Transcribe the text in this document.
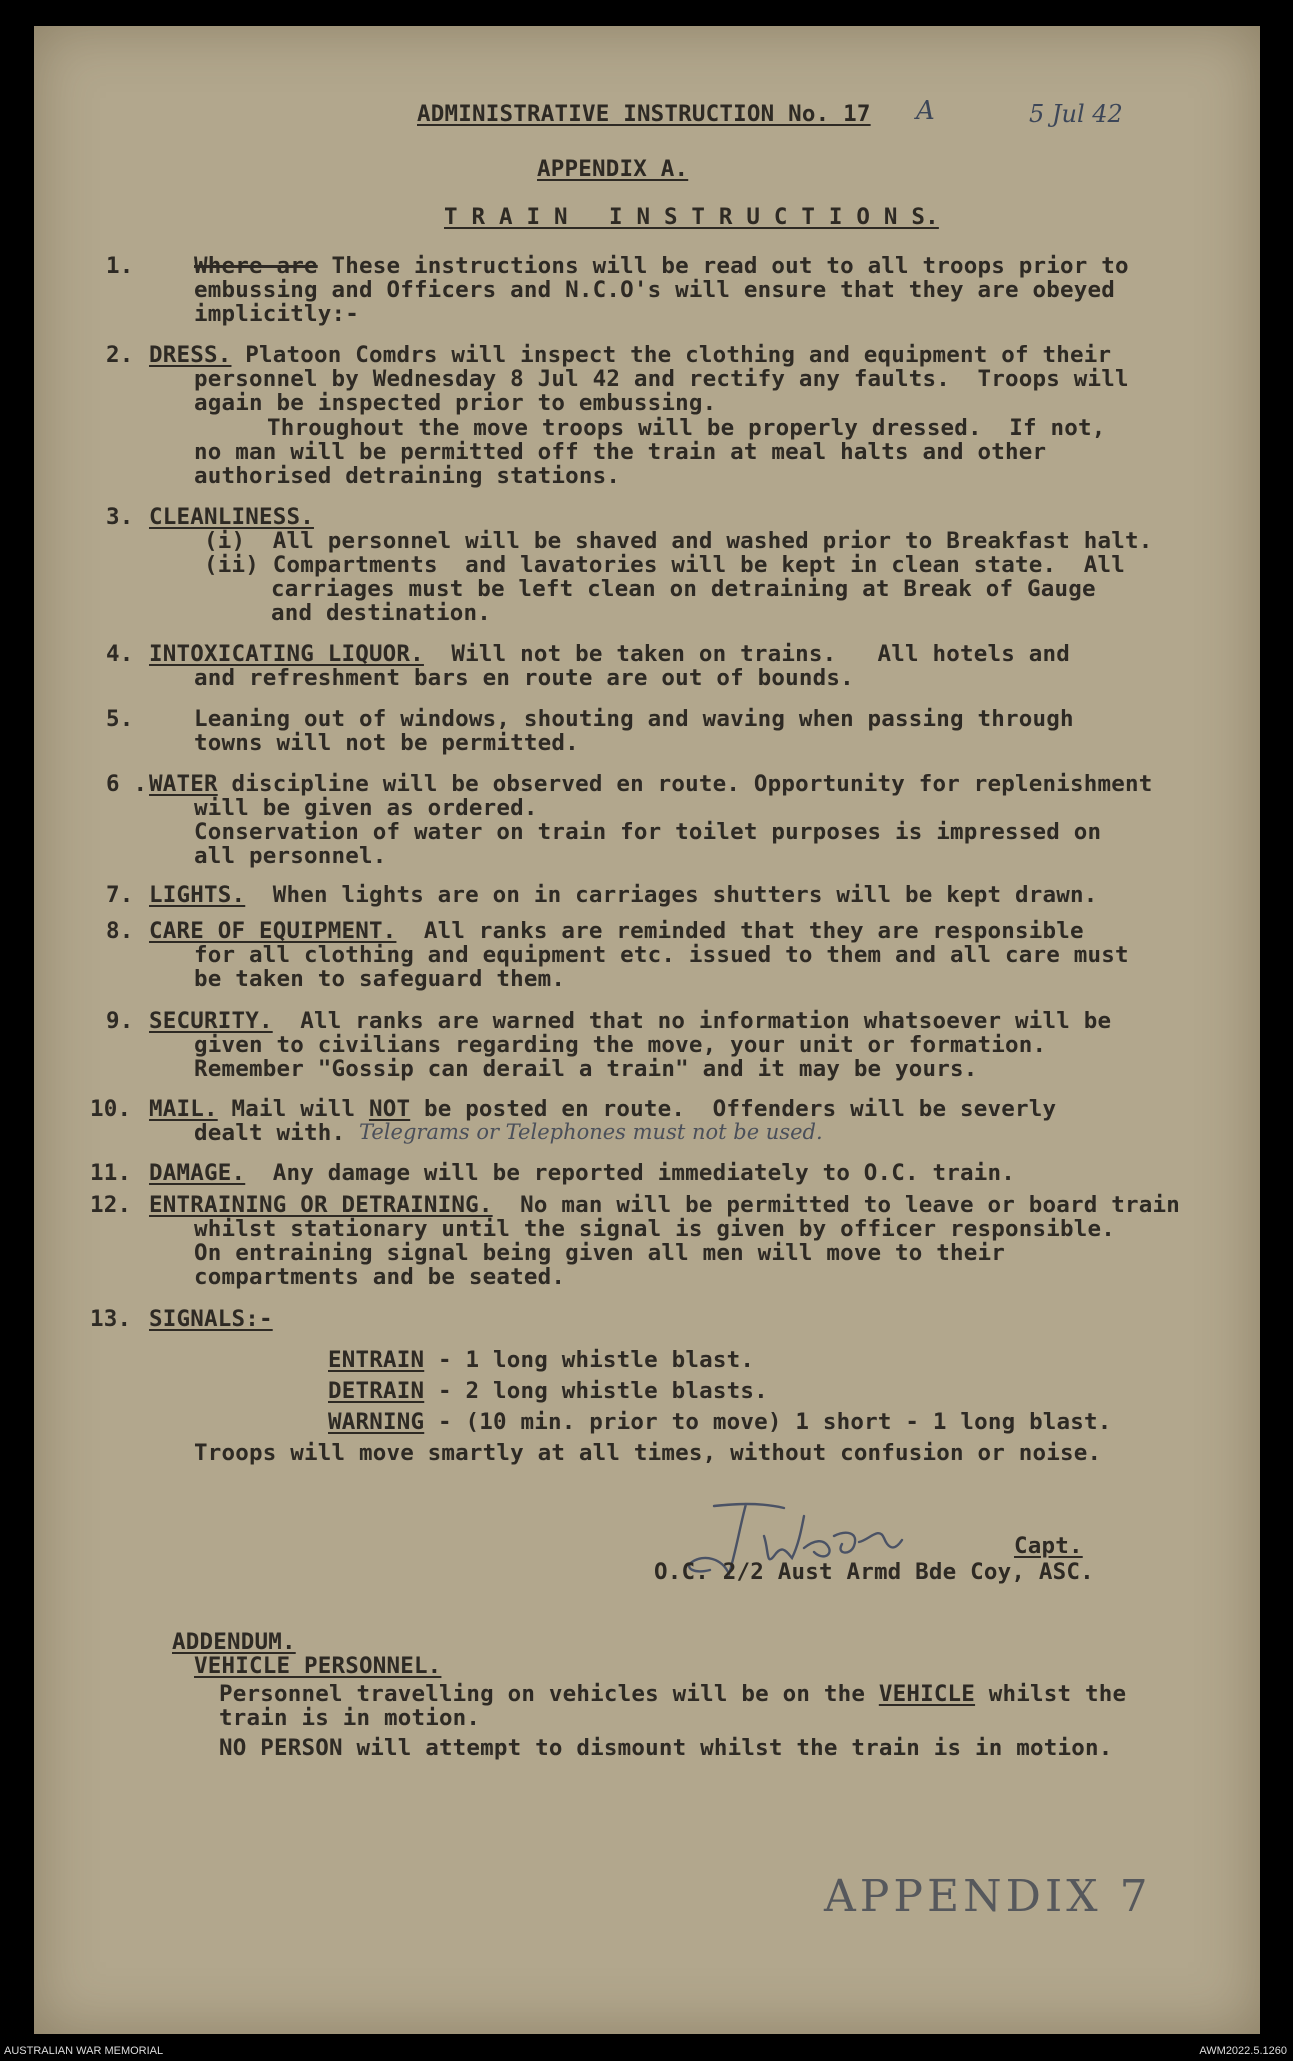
ADMINISTRATIVE INSTRUCTION No. 17 A	5 Jul 42
APPENDIX A.
T R A I N   I N S T R U C T I O N S.
1.	Where are These instructions will be read out to all troops prior to
embussing and Officers and N.C.O's will ensure that they are obeyed
implicitly:-
2. DRESS. Platoon Comdrs will inspect the clothing and equipment of their
personnel by Wednesday 8 Jul 42 and rectify any faults.  Troops will
again be inspected prior to embussing.
Throughout the move troops will be properly dressed.  If not,
no man will be permitted off the train at meal halts and other
authorised detraining stations.
3. CLEANLINESS.
(i)  All personnel will be shaved and washed prior to Breakfast halt.
(ii) Compartments  and lavatories will be kept in clean state.  All
carriages must be left clean on detraining at Break of Gauge
and destination.
4. INTOXICATING LIQUOR.  Will not be taken on trains.   All hotels and
and refreshment bars en route are out of bounds.
5.	Leaning out of windows, shouting and waving when passing through
towns will not be permitted.
6 . WATER discipline will be observed en route. Opportunity for replenishment
will be given as ordered.
Conservation of water on train for toilet purposes is impressed on
all personnel.
7. LIGHTS.  When lights are on in carriages shutters will be kept drawn.
8. CARE OF EQUIPMENT.  All ranks are reminded that they are responsible
for all clothing and equipment etc. issued to them and all care must
be taken to safeguard them.
9. SECURITY.  All ranks are warned that no information whatsoever will be
given to civilians regarding the move, your unit or formation.
Remember "Gossip can derail a train" and it may be yours.
10. MAIL. Mail will NOT be posted en route.  Offenders will be severly
dealt with. Telegrams or Telephones must not be used.
11. DAMAGE.  Any damage will be reported immediately to O.C. train.
12. ENTRAINING OR DETRAINING.  No man will be permitted to leave or board train
whilst stationary until the signal is given by officer responsible.
On entraining signal being given all men will move to their
compartments and be seated.
13. SIGNALS:-
ENTRAIN - 1 long whistle blast.
DETRAIN - 2 long whistle blasts.
WARNING - (10 min. prior to move) 1 short - 1 long blast.
Troops will move smartly at all times, without confusion or noise.
Capt.
O.C. 2/2 Aust Armd Bde Coy, ASC.
ADDENDUM.
VEHICLE PERSONNEL.
Personnel travelling on vehicles will be on the VEHICLE whilst the
train is in motion.
NO PERSON will attempt to dismount whilst the train is in motion.
APPENDIX 7
AUSTRALIAN WAR MEMORIAL	AWM2022.5.1260
